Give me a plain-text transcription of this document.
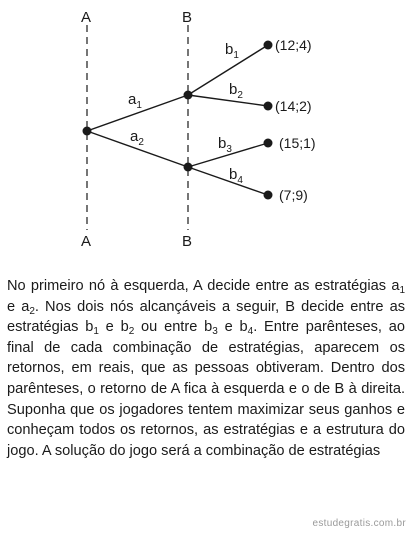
A	B
A	B
$a_1$
$a_2$
$b_1$
$b_2$
$b_3$
$b_4$
(12;4)
(14;2)
(15;1)
(7;9)

No primeiro nó à esquerda, A decide entre as estratégias $a_1$ e $a_2$. Nos dois nós alcançáveis a seguir, B decide entre as estratégias $b_1$ e $b_2$ ou entre $b_3$ e $b_4$. Entre parênteses, ao final de cada combinação de estratégias, aparecem os retornos, em reais, que as pessoas obtiveram. Dentro dos parênteses, o retorno de A fica à esquerda e o de B à direita. Suponha que os jogadores tentem maximizar seus ganhos e conheçam todos os retornos, as estratégias e a estrutura do jogo. A solução do jogo será a combinação de estratégias

estudegratis.com.br
